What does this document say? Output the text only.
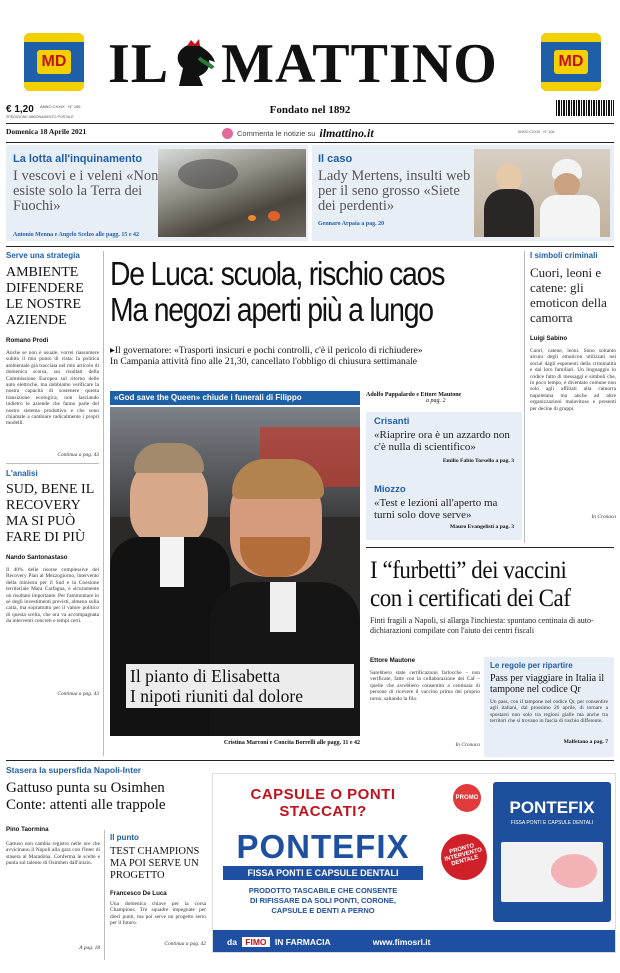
MD	MD
IL MATTINO
€ 1,20 ANNO CXXIX · N° 106	Fondato nel 1892
SPEDIZIONE ABBONAMENTO POSTALE
Domenica 18 Aprile 2021	Commenta le notizie su ilmattino.it	ANNO CXXIX · N° 106
La lotta all'inquinamento
I vescovi e i veleni «Non esiste solo la Terra dei Fuochi»
Antonio Menna e Angelo Scelzo alle pagg. 15 e 42
Il caso
Lady Mertens, insulti web per il seno grosso «Siete dei perdenti»
Gennaro Arpaia a pag. 20
Serve una strategia
AMBIENTE DIFENDERE LE NOSTRE AZIENDE
Romano Prodi
Anche se non è usuale, vorrei riassumere subito il mio punto di vista: la politica ambientale già tracciata nel mio articolo di domenica scorsa, sui risultati della Commissione Europea sul ritorno delle auto elettriche, ma dobbiamo verificare la nostra capacità di sostenere questa transizione ecologica, non lasciando indietro le aziende che fanno parte del nostro sistema produttivo e che sono chiamate a cambiare radicalmente i propri modelli.
Continua a pag. 43
L'analisi
SUD, BENE IL RECOVERY MA SI PUÒ FARE DI PIÙ
Nando Santonastaso
Il 40% delle risorse complessive del Recovery Plan al Mezzogiorno, intervento della ministra per il Sud e la Coesione territoriale Mara Carfagna, è sicuramente un risultato importante. Per l'ammontare in sé degli investimenti previsti, almeno sulla carta, ma soprattutto per il valore politico di questa scelta, che ora va accompagnata da interventi concreti e tempi certi.
Continua a pag. 43
De Luca: scuola, rischio caos
Ma negozi aperti più a lungo
▸Il governatore: «Trasporti insicuri e pochi controlli, c'è il pericolo di richiudere»
In Campania attività fino alle 21,30, cancellato l'obbligo di chiusura settimanale
«God save the Queen» chiude i funerali di Filippo
Il pianto di Elisabetta
I nipoti riuniti dal dolore
Cristina Marconi e Concita Borrelli alle pagg. 11 e 42
Adolfo Pappalardo e Ettore Mautone
a pag. 2
Crisanti
«Riaprire ora è un azzardo non c'è nulla di scientifico»
Emilio Fabio Torsello a pag. 3
Miozzo
«Test e lezioni all'aperto ma turni solo dove serve»
Mauro Evangelisti a pag. 3
I simboli criminali
Cuori, leoni e catene: gli emoticon della camorra
Luigi Sabino
Cuori, catene, leoni. Sono soltanto alcuni degli emoticon utilizzati nei social dagli esponenti della criminalità e dai loro familiari. Un linguaggio in codice fatto di messaggi e simboli che, in poco tempo, è diventato comune non solo agli affiliati alla camorra napoletana ma anche ad altre organizzazioni malavitose e presenti per decine di gruppi.
In Cronaca
I “furbetti” dei vaccini
con i certificati dei Caf
Finti fragili a Napoli, si allarga l'inchiesta: spuntano centinaia di auto-dichiarazioni compilate con l'aiuto dei centri fiscali
Ettore Mautone
Sarebbero state certificazioni farlocche – non verificate, fatte con la collaborazione dei Caf – quelle che avrebbero consentito a centinaia di persone di ricevere il vaccino prima del proprio turno, saltando la fila.
In Cronaca
Le regole per ripartire
Pass per viaggiare in Italia il tampone nel codice Qr
Un pass, con il tampone nel codice Qr, per consentire agli italiani, dal prossimo 26 aprile, di tornare a spostarsi non solo tra regioni gialle ma anche tra territori che si trovano in fascia di rischio differente.
Malfetano a pag. 7
Stasera la supersfida Napoli-Inter
Gattuso punta su Osimhen Conte: attenti alle trappole
Pino Taormina
Gattuso non cambia registro nelle ore che avvicinano il Napoli alla gara con l'Inter di stasera al Maradona. Conferma le scelte e punta sul talento di Osimhen dall'inizio.
A pag. 18
Il punto
TEST CHAMPIONS MA POI SERVE UN PROGETTO
Francesco De Luca
Una domenica chiave per la corsa Champions. Tre squadre impegnate per dieci punti, ma poi serve un progetto serio per il futuro.
Continua a pag. 42
CAPSULE O PONTI
STACCATI?
PONTEFIX
FISSA PONTI E CAPSULE DENTALI
PRODOTTO TASCABILE CHE CONSENTE
DI RIFISSARE DA SOLI PONTI, CORONE,
CAPSULE E DENTI A PERNO
da FIMO IN FARMACIA	www.fimosrl.it
PRONTO INTERVENTO DENTALE
PROMO	PONTEFIX
FISSA PONTI E CAPSULE DENTALI
